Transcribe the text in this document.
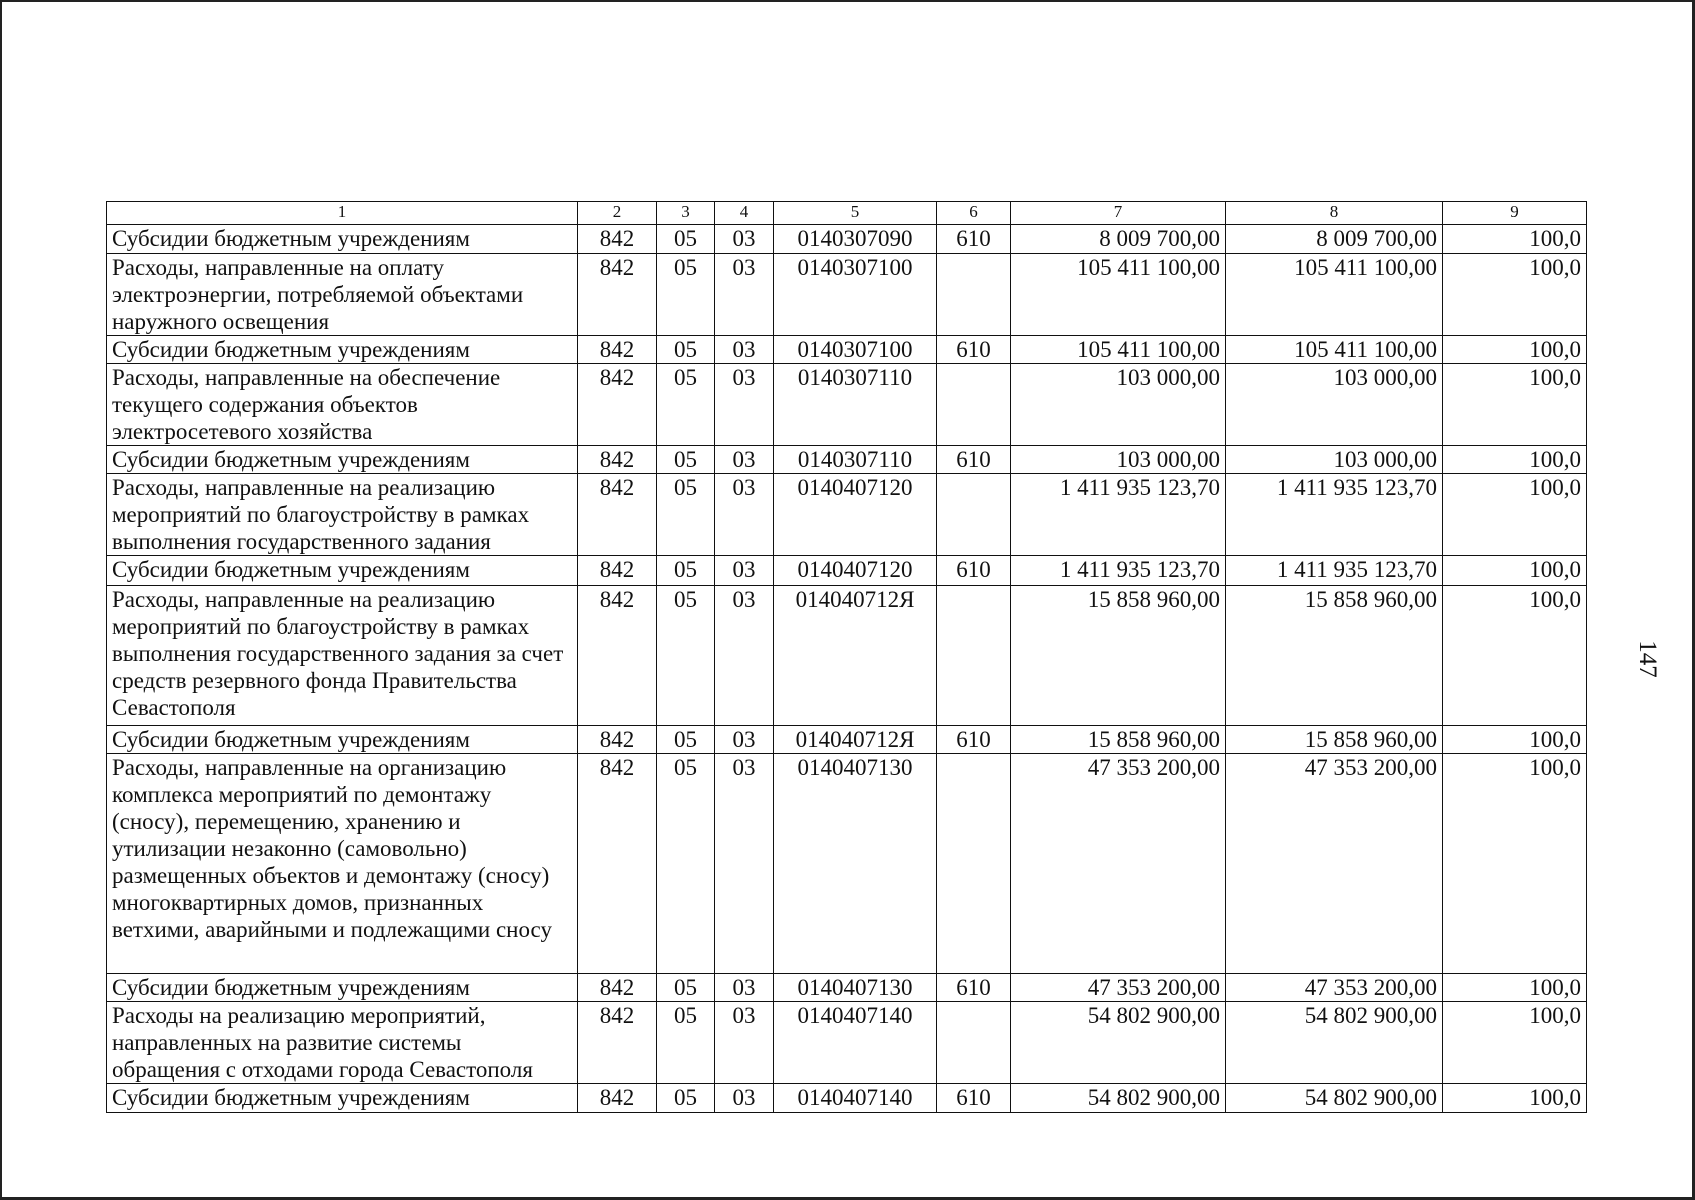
1	2	3	4	5	6	7	8	9
Субсидии бюджетным учреждениям	842	05	03	0140307090	610	8 009 700,00	8 009 700,00	100,0
Расходы, направленные на оплату электроэнергии, потребляемой объектами наружного освещения	842	05	03	0140307100		105 411 100,00	105 411 100,00	100,0
Субсидии бюджетным учреждениям	842	05	03	0140307100	610	105 411 100,00	105 411 100,00	100,0
Расходы, направленные на обеспечение текущего содержания объектов электросетевого хозяйства	842	05	03	0140307110		103 000,00	103 000,00	100,0
Субсидии бюджетным учреждениям	842	05	03	0140307110	610	103 000,00	103 000,00	100,0
Расходы, направленные на реализацию мероприятий по благоустройству в рамках выполнения государственного задания	842	05	03	0140407120		1 411 935 123,70	1 411 935 123,70	100,0
Субсидии бюджетным учреждениям	842	05	03	0140407120	610	1 411 935 123,70	1 411 935 123,70	100,0
Расходы, направленные на реализацию мероприятий по благоустройству в рамках выполнения государственного задания за счет средств резервного фонда Правительства Севастополя	842	05	03	014040712Я		15 858 960,00	15 858 960,00	100,0
Субсидии бюджетным учреждениям	842	05	03	014040712Я	610	15 858 960,00	15 858 960,00	100,0
Расходы, направленные на организацию комплекса мероприятий по демонтажу (сносу), перемещению, хранению и утилизации незаконно (самовольно) размещенных объектов и демонтажу (сносу) многоквартирных домов, признанных ветхими, аварийными и подлежащими сносу	842	05	03	0140407130		47 353 200,00	47 353 200,00	100,0
Субсидии бюджетным учреждениям	842	05	03	0140407130	610	47 353 200,00	47 353 200,00	100,0
Расходы на реализацию мероприятий, направленных на развитие системы обращения с отходами города Севастополя	842	05	03	0140407140		54 802 900,00	54 802 900,00	100,0
Субсидии бюджетным учреждениям	842	05	03	0140407140	610	54 802 900,00	54 802 900,00	100,0
147
